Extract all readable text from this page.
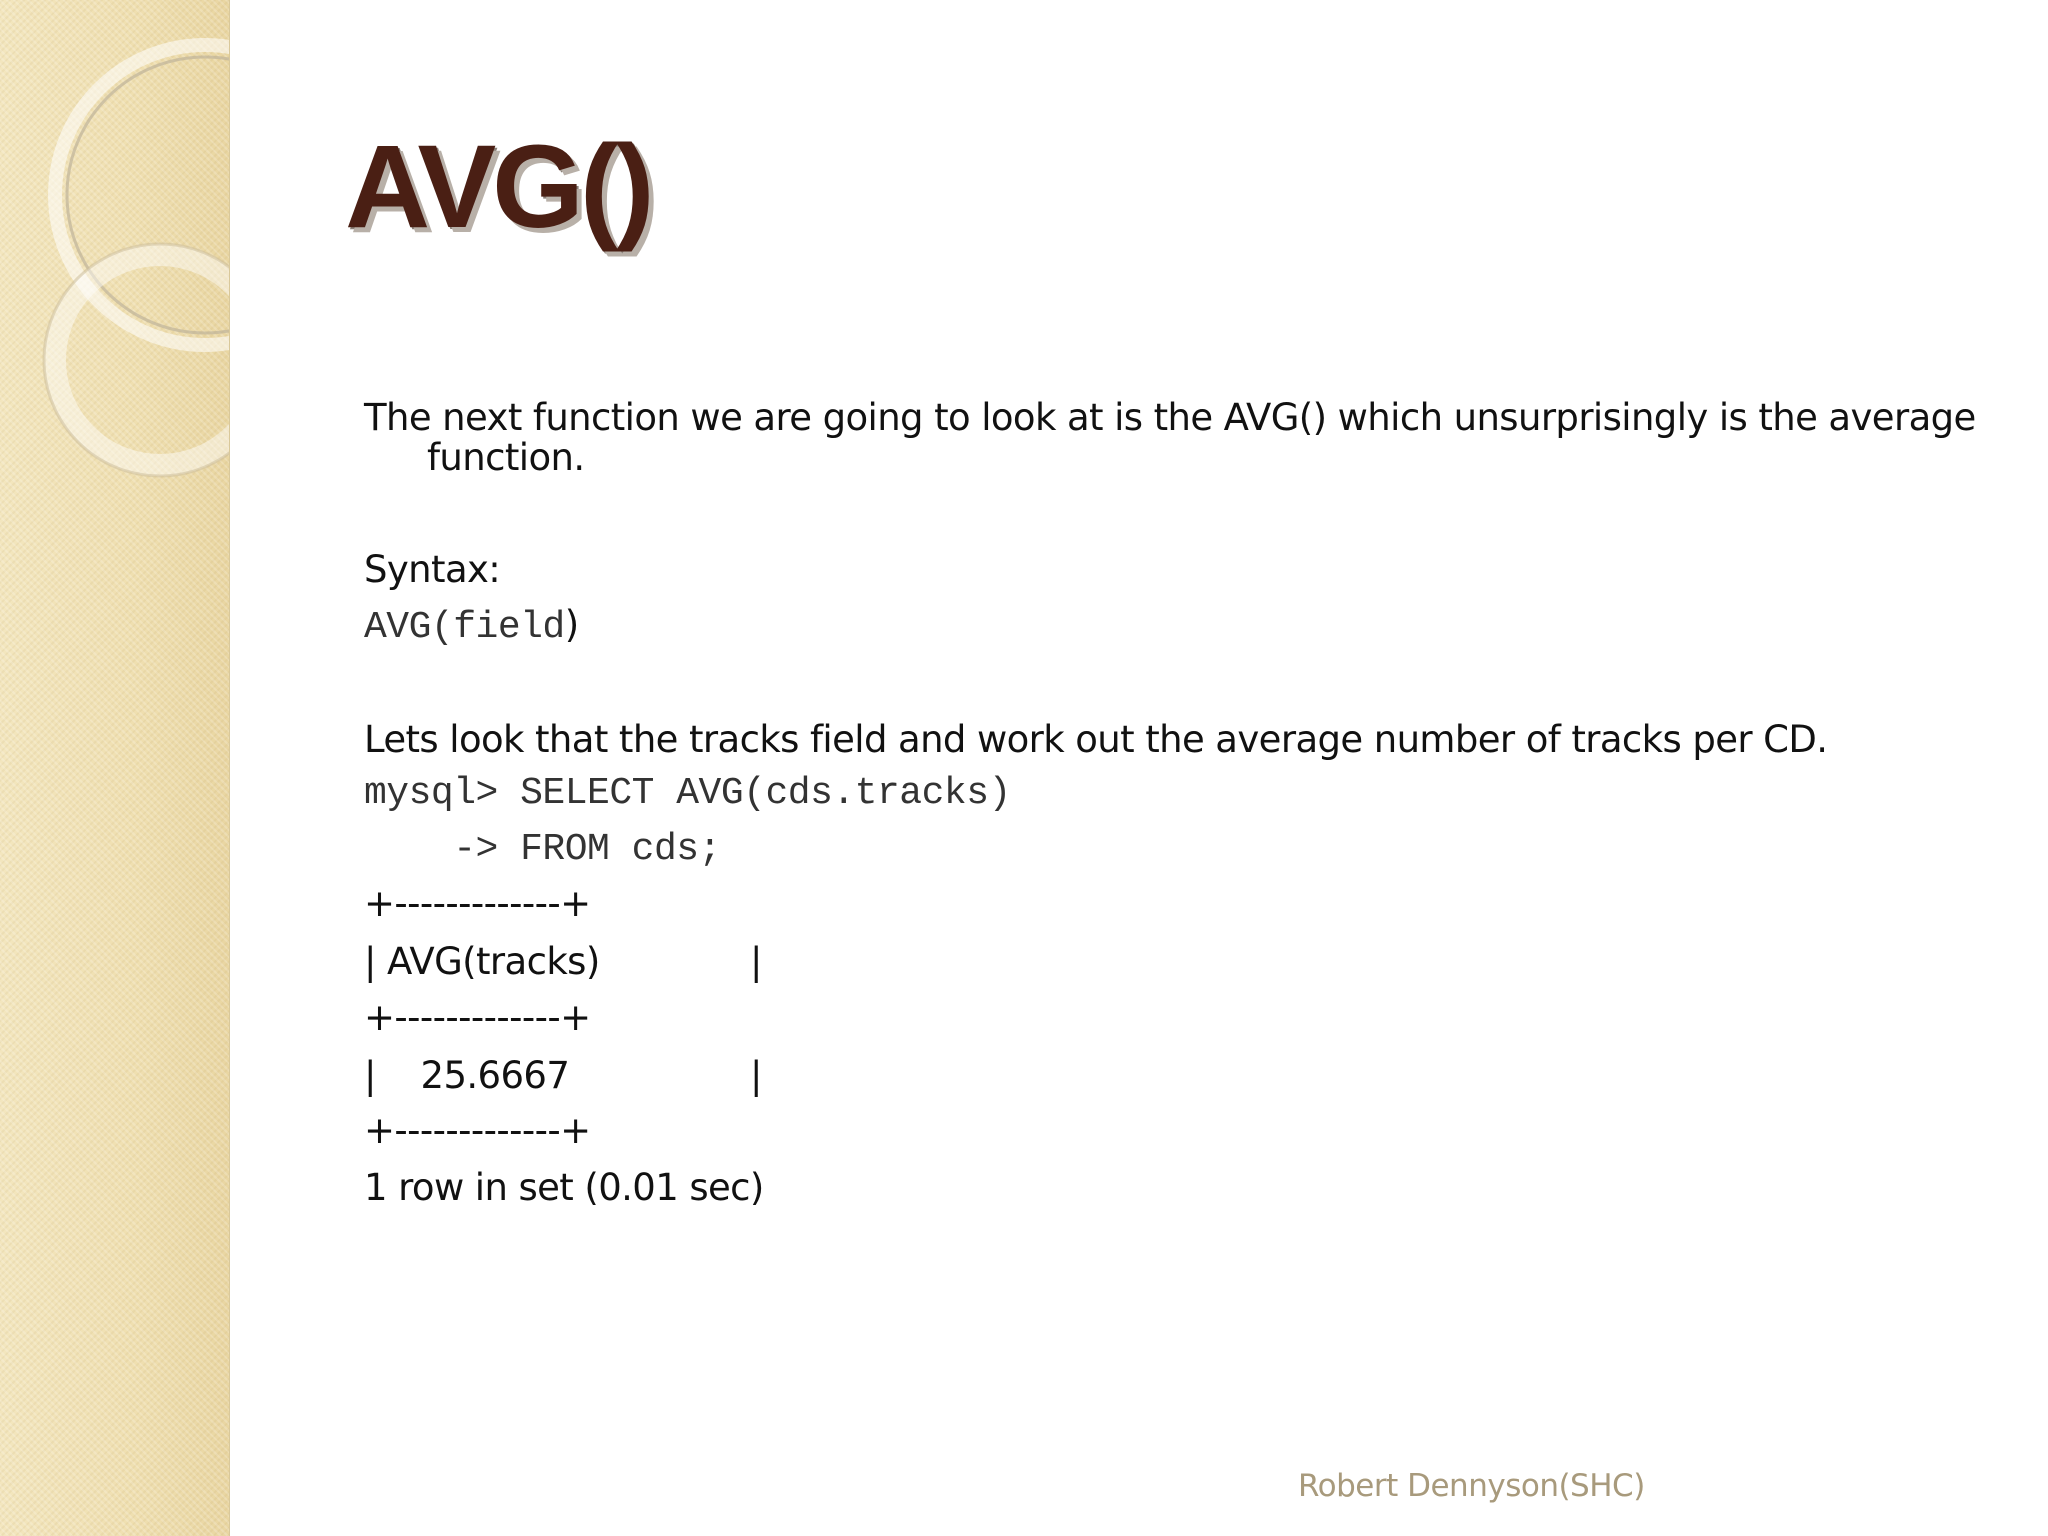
AVG()

The next function we are going to look at is the AVG() which unsurprisingly is the average function.

Syntax:

AVG(field)

Lets look that the tracks field and work out the average number of tracks per CD.

mysql> SELECT AVG(cds.tracks)
-> FROM cds;
+-------------+
| AVG(tracks)	|
+-------------+
|    25.6667	|
+-------------+
1 row in set (0.01 sec)
Robert Dennyson(SHC)
